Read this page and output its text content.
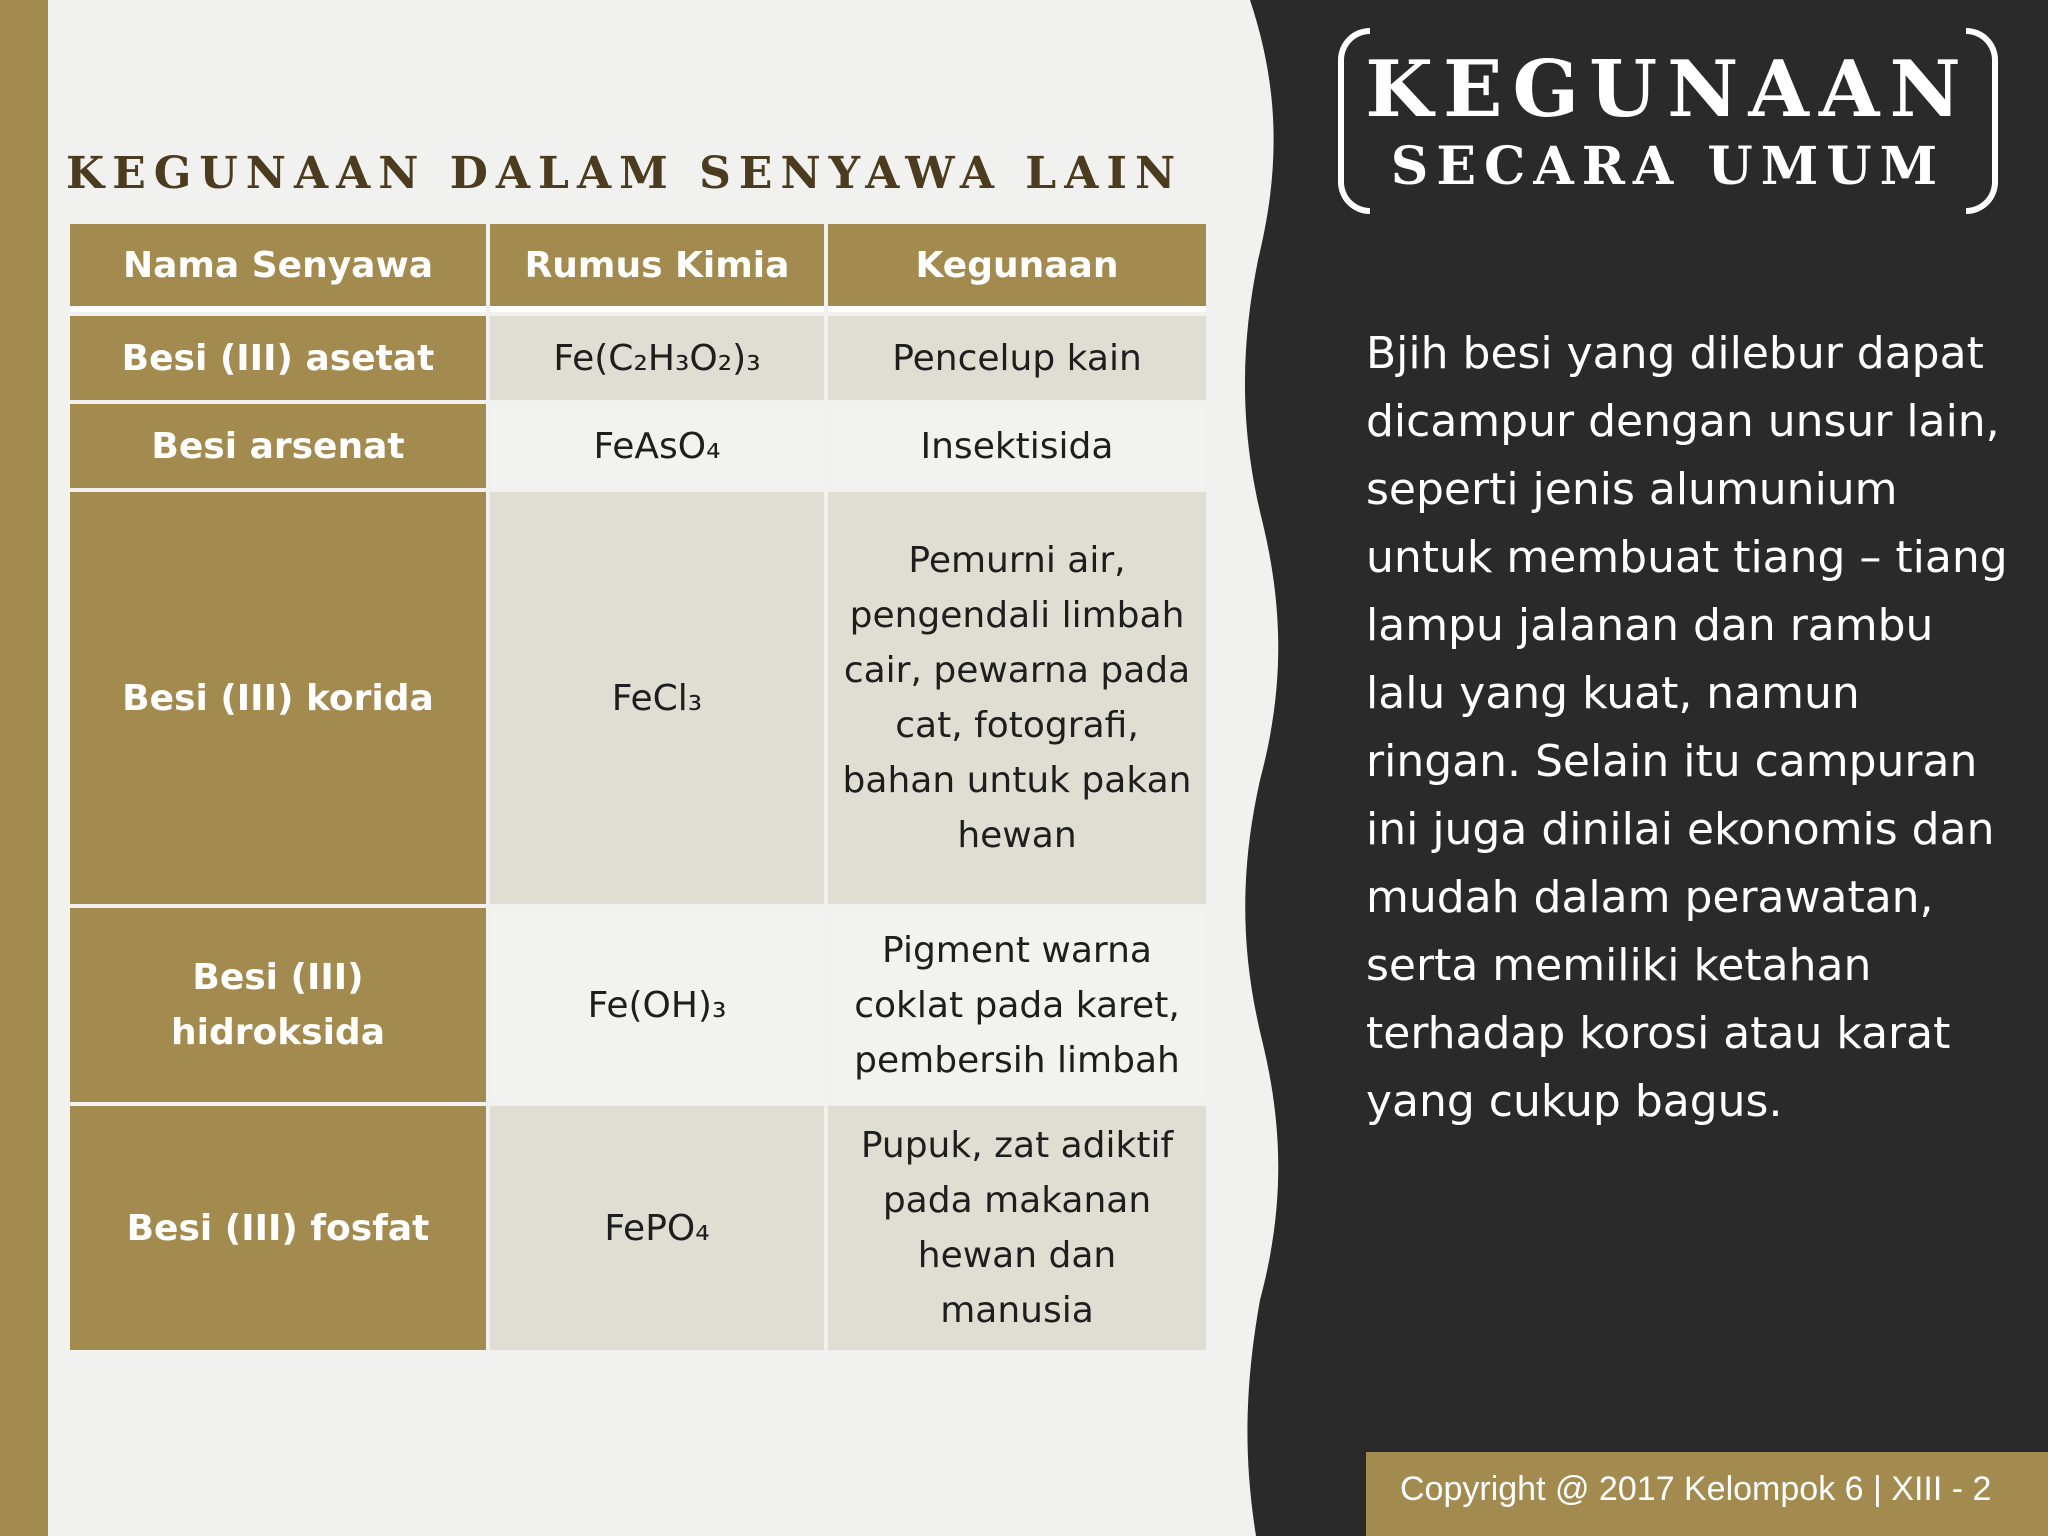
KEGUNAAN DALAM SENYAWA LAIN
Nama Senyawa	Rumus Kimia	Kegunaan
Besi (III) asetat	Fe(C₂H₃O₂)₃	Pencelup kain
Besi arsenat	FeAsO₄	Insektisida
Besi (III) korida	FeCl₃	Pemurni air, pengendali limbah cair, pewarna pada cat, fotografi, bahan untuk pakan hewan
Besi (III) hidroksida	Fe(OH)₃	Pigment warna coklat pada karet, pembersih limbah
Besi (III) fosfat	FePO₄	Pupuk, zat adiktif pada makanan hewan dan manusia
KEGUNAAN
SECARA UMUM

Bjih besi yang dilebur dapat dicampur dengan unsur lain, seperti jenis alumunium untuk membuat tiang – tiang lampu jalanan dan rambu lalu yang kuat, namun ringan. Selain itu campuran ini juga dinilai ekonomis dan mudah dalam perawatan, serta memiliki ketahan terhadap korosi atau karat yang cukup bagus.

Copyright @ 2017 Kelompok 6 | XIII - 2
